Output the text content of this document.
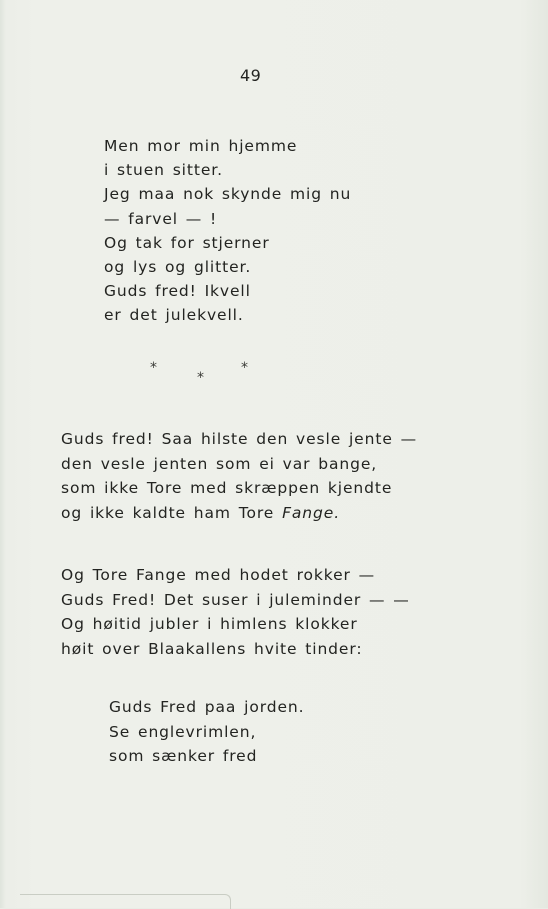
49
Men mor min hjemme
i stuen sitter.
Jeg maa nok skynde mig nu
— farvel — !
Og tak for stjerner
og lys og glitter.
Guds fred! Ikvell
er det julekvell.
*
*
*
Guds fred! Saa hilste den vesle jente —
den vesle jenten som ei var bange,
som ikke Tore med skræppen kjendte
og ikke kaldte ham Tore Fange.
Og Tore Fange med hodet rokker —
Guds Fred! Det suser i juleminder — —
Og høitid jubler i himlens klokker
høit over Blaakallens hvite tinder:
Guds Fred paa jorden.
Se englevrimlen,
som sænker fred
